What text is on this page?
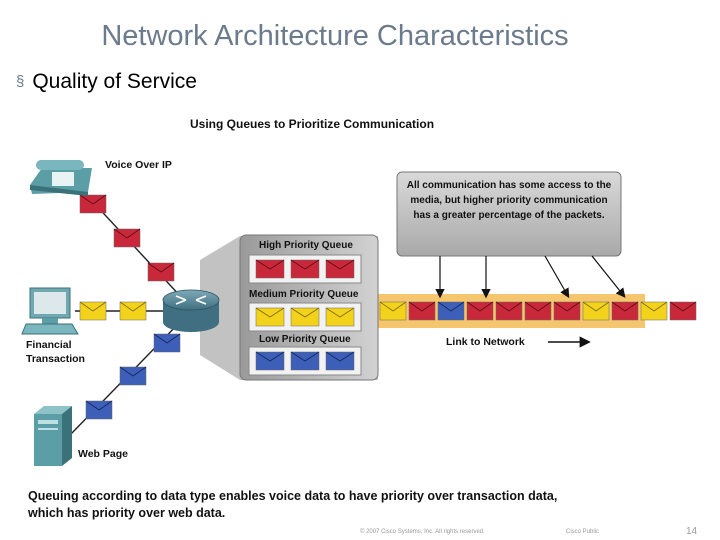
Network Architecture Characteristics
§ Quality of Service
Using Queues to Prioritize Communication
Voice Over IP
Financial
Transaction
Web Page
High Priority Queue
Medium Priority Queue
Low Priority Queue
All communication has some access to the
media, but higher priority communication
has a greater percentage of the packets.
Link to Network
Queuing according to data type enables voice data to have priority over transaction data,
which has priority over web data.
© 2007 Cisco Systems, Inc. All rights reserved.	Cisco Public	14
